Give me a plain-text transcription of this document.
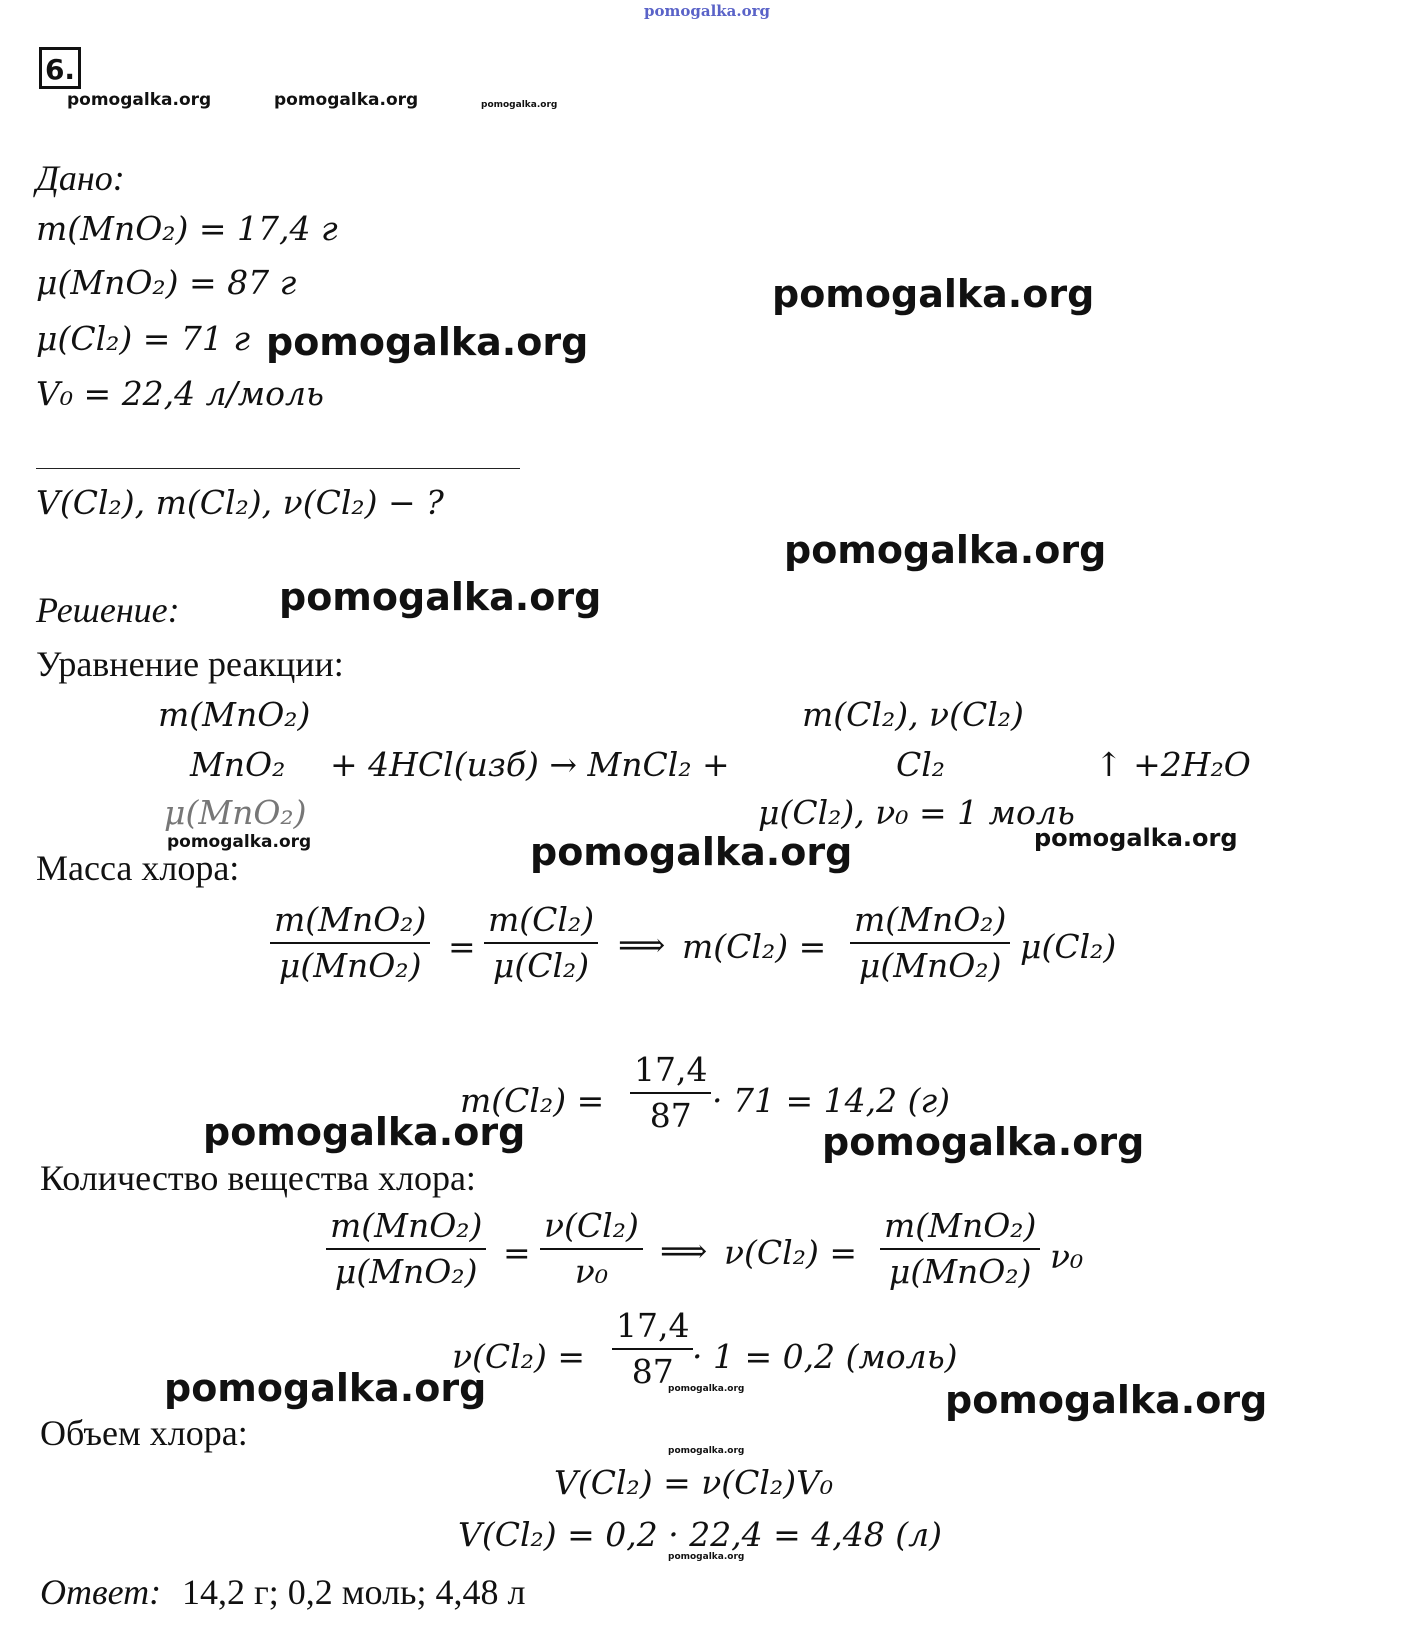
pomogalka.org
6.
pomogalka.org	pomogalka.org	pomogalka.org
Дано:
m(MnO₂) = 17,4 г
μ(MnO₂) = 87 г
μ(Cl₂) = 71 г
V₀ = 22,4 л/моль
pomogalka.org
pomogalka.org
V(Cl₂), m(Cl₂), ν(Cl₂) − ?
pomogalka.org
Решение:	pomogalka.org
Уравнение реакции:
m(MnO₂)	m(Cl₂), ν(Cl₂)
MnO₂ + 4HCl(изб) → MnCl₂ +	Cl₂	↑ +2H₂O
μ(MnO₂)	μ(Cl₂), ν₀ = 1 моль
pomogalka.org	pomogalka.org
Масса хлора:	pomogalka.org
m(MnO₂)
$\mu(MnO_2) = \frac{\text{m(Cl₂)}}{\text{μ(Cl₂)}}$ ⟹ m(Cl₂) =
m(MnO₂)
μ(MnO₂) μ(Cl₂)
$m(Cl_2) = \frac{17,4}{87} \cdot 71 = 14,2$ (г)
pomogalka.org	pomogalka.org
Количество вещества хлора:
m(MnO₂)
$\mu(MnO_2) = \frac{\text{ν(Cl₂)}}{\text{ν₀}}$ ⟹ ν(Cl₂) =
m(MnO₂)
μ(MnO₂) ν₀
$\nu(Cl_2) = \frac{17,4}{87}$
· 1 = 0,2 (моль)
pomogalka.org
pomogalka.org	pomogalka.org
Объем хлора:	pomogalka.org
V(Cl₂) = ν(Cl₂)V₀
V(Cl₂) = 0,2 · 22,4 = 4,48 (л)
pomogalka.org
Ответ: 14,2 г; 0,2 моль; 4,48 л
